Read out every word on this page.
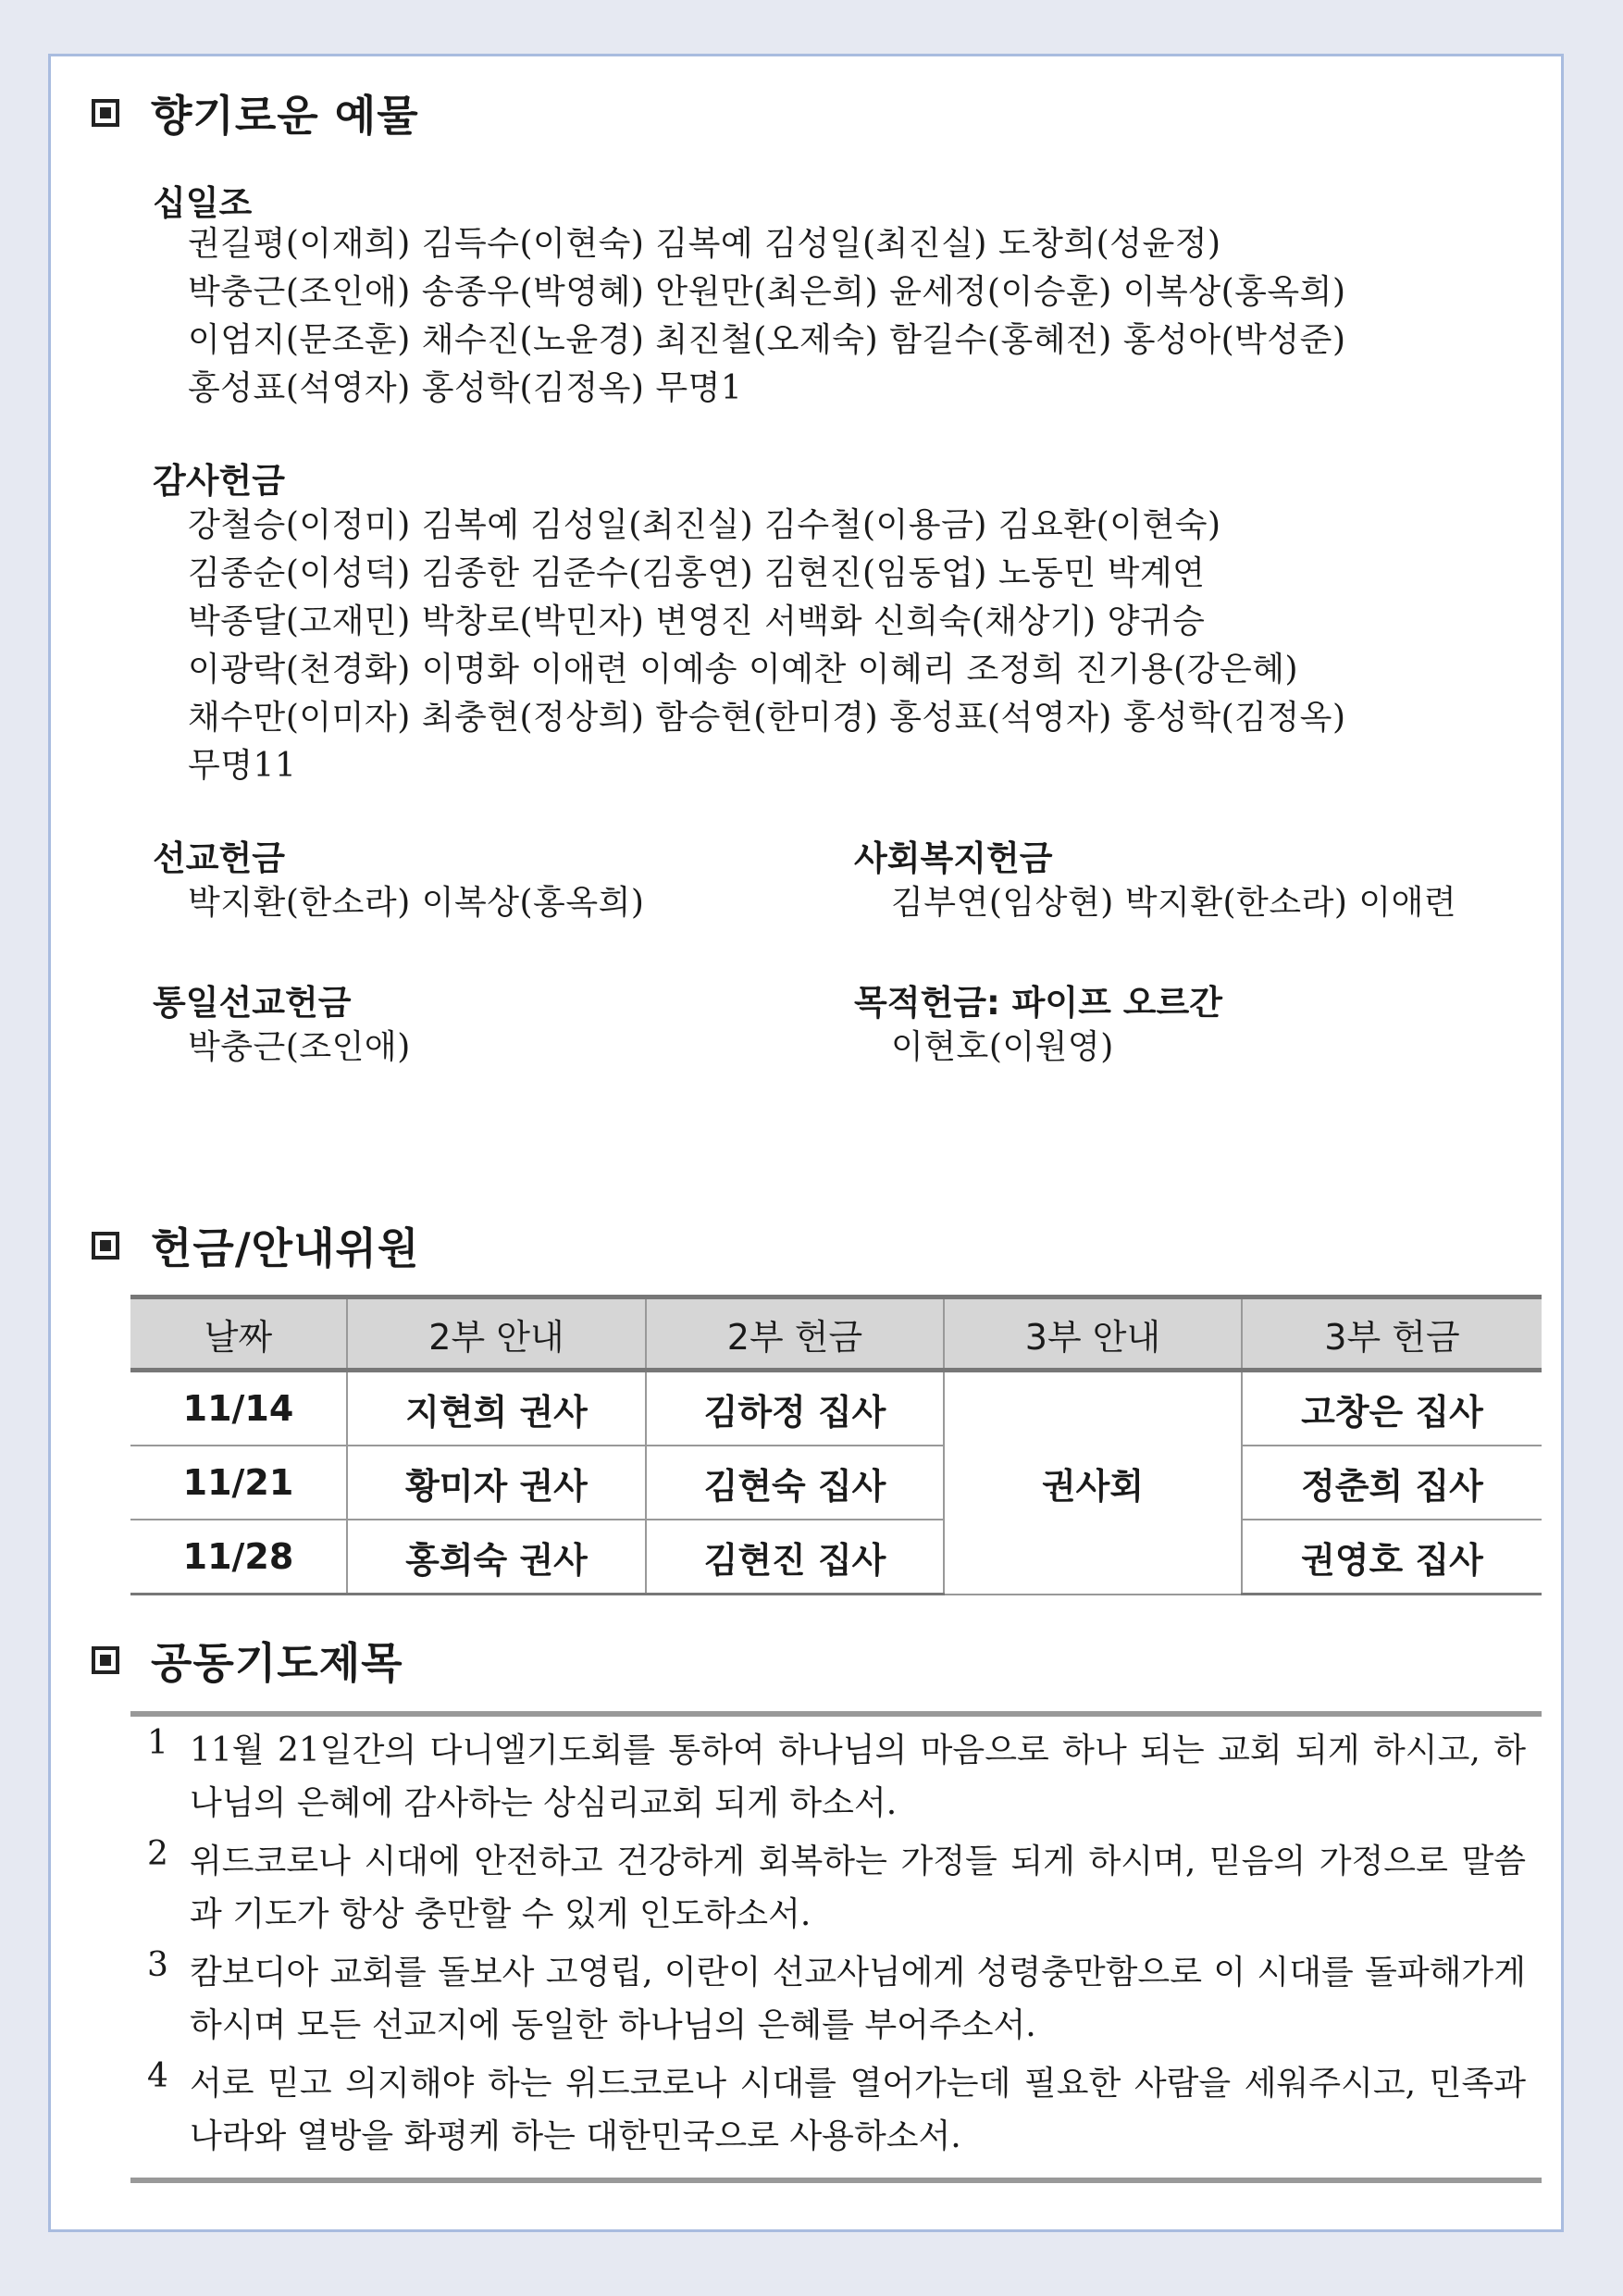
향기로운 예물
십일조
권길평(이재희) 김득수(이현숙) 김복예 김성일(최진실) 도창희(성윤정)
박충근(조인애) 송종우(박영혜) 안원만(최은희) 윤세정(이승훈) 이복상(홍옥희)
이엄지(문조훈) 채수진(노윤경) 최진철(오제숙) 함길수(홍혜전) 홍성아(박성준)
홍성표(석영자) 홍성학(김정옥) 무명1
감사헌금
강철승(이정미) 김복예 김성일(최진실) 김수철(이용금) 김요환(이현숙)
김종순(이성덕) 김종한 김준수(김홍연) 김현진(임동업) 노동민 박계연
박종달(고재민) 박창로(박민자) 변영진 서백화 신희숙(채상기) 양귀승
이광락(천경화) 이명화 이애련 이예송 이예찬 이혜리 조정희 진기용(강은혜)
채수만(이미자) 최충현(정상희) 함승현(한미경) 홍성표(석영자) 홍성학(김정옥)
무명11
선교헌금
박지환(한소라) 이복상(홍옥희)
사회복지헌금
김부연(임상현) 박지환(한소라) 이애련
통일선교헌금
박충근(조인애)
목적헌금: 파이프 오르간
이현호(이원영)
헌금/안내위원
날짜	2부 안내	2부 헌금	3부 안내	3부 헌금
11/14	지현희 권사	김하정 집사	권사회	고창은 집사
11/21	황미자 권사	김현숙 집사		정춘희 집사
11/28	홍희숙 권사	김현진 집사		권영호 집사
공동기도제목
1 11월 21일간의 다니엘기도회를 통하여 하나님의 마음으로 하나 되는 교회 되게 하시고, 하나님의 은혜에 감사하는 상심리교회 되게 하소서.
2 위드코로나 시대에 안전하고 건강하게 회복하는 가정들 되게 하시며, 믿음의 가정으로 말씀과 기도가 항상 충만할 수 있게 인도하소서.
3 캄보디아 교회를 돌보사 고영립, 이란이 선교사님에게 성령충만함으로 이 시대를 돌파해가게 하시며 모든 선교지에 동일한 하나님의 은혜를 부어주소서.
4 서로 믿고 의지해야 하는 위드코로나 시대를 열어가는데 필요한 사람을 세워주시고, 민족과 나라와 열방을 화평케 하는 대한민국으로 사용하소서.
